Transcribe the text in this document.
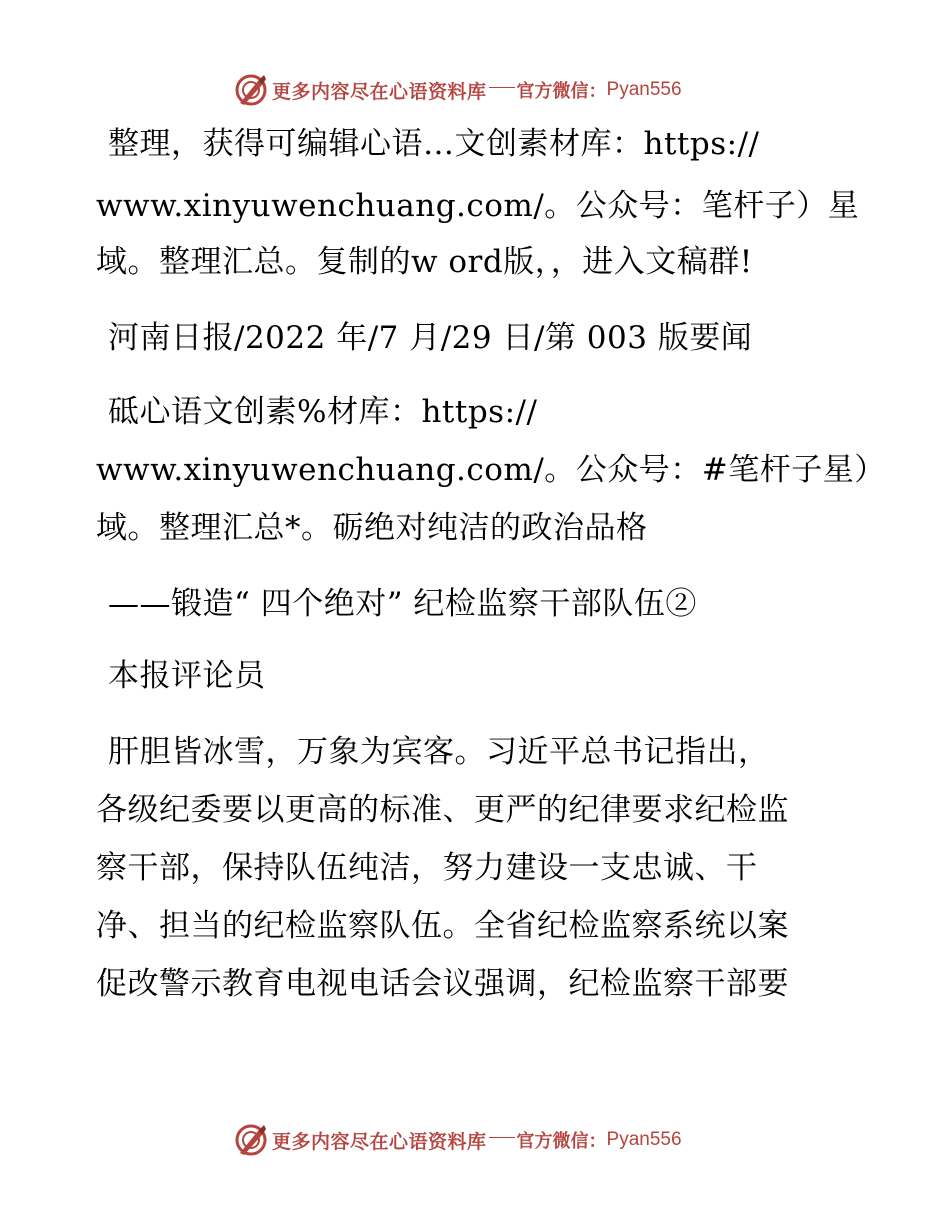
更多内容尽在心语资料库 官方微信： Pyan556
整理，获得可编辑心语…文创素材库：https://
www.xinyuwenchuang.com/。公众号：笔杆子）星
域。整理汇总。复制的w ord版，，进入文稿群!
河南日报/2022 年/7 月/29 日/第 003 版要闻
砥心语文创素%材库：https://
www.xinyuwenchuang.com/。公众号：#笔杆子星）
域。整理汇总*。砺绝对纯洁的政治品格
——锻造“ 四个绝对” 纪检监察干部队伍②
本报评论员
肝胆皆冰雪，万象为宾客。习近平总书记指出，
各级纪委要以更高的标准、更严的纪律要求纪检监
察干部，保持队伍纯洁，努力建设一支忠诚、干
净、担当的纪检监察队伍。全省纪检监察系统以案
促改警示教育电视电话会议强调，纪检监察干部要
更多内容尽在心语资料库 官方微信： Pyan556
